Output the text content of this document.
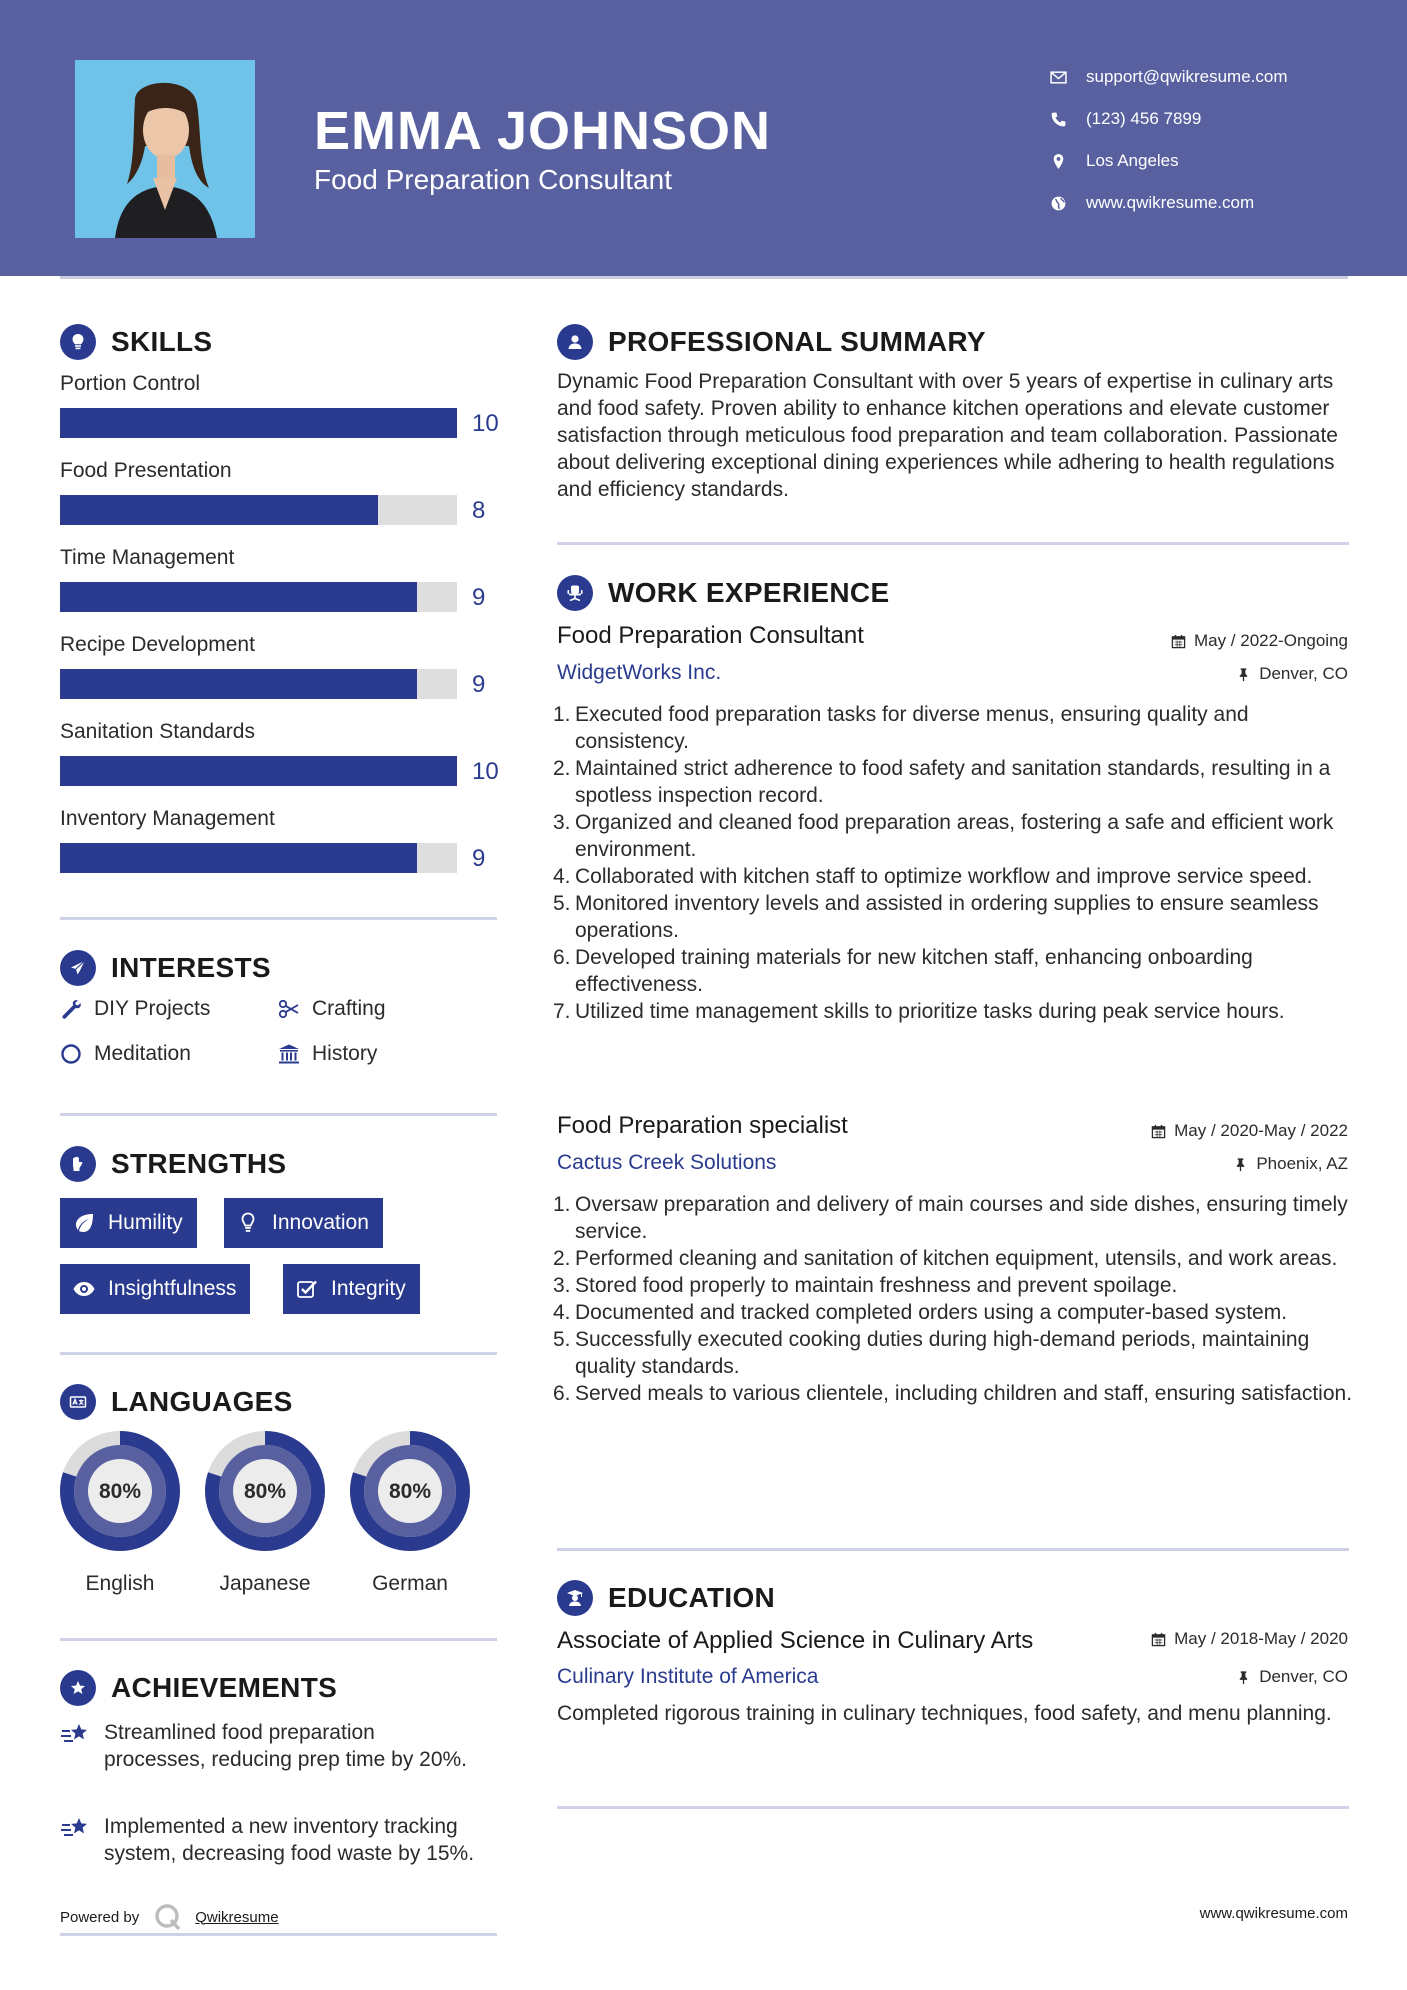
EMMA JOHNSON
Food Preparation Consultant
support@qwikresume.com
(123) 456 7899
Los Angeles
www.qwikresume.com
SKILLS
Portion Control
10
Food Presentation
8
Time Management
9
Recipe Development
9
Sanitation Standards
10
Inventory Management
9
INTERESTS
DIY Projects	Crafting
Meditation	History
STRENGTHS
Humility	Innovation
Insightfulness	Integrity
LANGUAGES
80%
English
80%
Japanese
80%
German
ACHIEVEMENTS
Streamlined food preparation processes, reducing prep time by 20%.
Implemented a new inventory tracking system, decreasing food waste by 15%.
Powered by	Qwikresume
PROFESSIONAL SUMMARY
Dynamic Food Preparation Consultant with over 5 years of expertise in culinary arts and food safety. Proven ability to enhance kitchen operations and elevate customer satisfaction through meticulous food preparation and team collaboration. Passionate about delivering exceptional dining experiences while adhering to health regulations and efficiency standards.
WORK EXPERIENCE
Food Preparation Consultant	May / 2022-Ongoing
WidgetWorks Inc.	Denver, CO
1. Executed food preparation tasks for diverse menus, ensuring quality and consistency.
2. Maintained strict adherence to food safety and sanitation standards, resulting in a spotless inspection record.
3. Organized and cleaned food preparation areas, fostering a safe and efficient work environment.
4. Collaborated with kitchen staff to optimize workflow and improve service speed.
5. Monitored inventory levels and assisted in ordering supplies to ensure seamless operations.
6. Developed training materials for new kitchen staff, enhancing onboarding effectiveness.
7. Utilized time management skills to prioritize tasks during peak service hours.
Food Preparation specialist	May / 2020-May / 2022
Cactus Creek Solutions	Phoenix, AZ
1. Oversaw preparation and delivery of main courses and side dishes, ensuring timely service.
2. Performed cleaning and sanitation of kitchen equipment, utensils, and work areas.
3. Stored food properly to maintain freshness and prevent spoilage.
4. Documented and tracked completed orders using a computer-based system.
5. Successfully executed cooking duties during high-demand periods, maintaining quality standards.
6. Served meals to various clientele, including children and staff, ensuring satisfaction.
EDUCATION
Associate of Applied Science in Culinary Arts	May / 2018-May / 2020
Culinary Institute of America	Denver, CO
Completed rigorous training in culinary techniques, food safety, and menu planning.
www.qwikresume.com
